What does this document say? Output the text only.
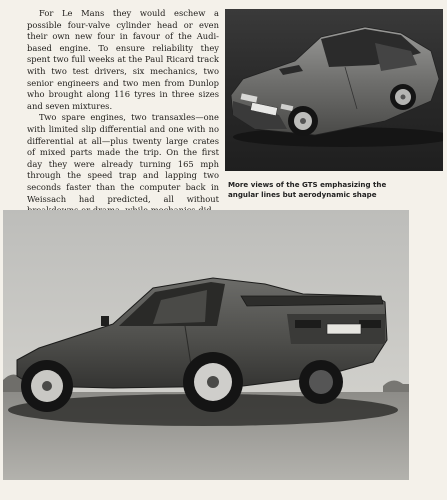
For Le Mans they would eschew a possible four-valve cylinder head or even their own new four in favour of the Audi-based engine. To ensure reliability they spent two full weeks at the Paul Ricard track with two test drivers, six mechanics, two senior engineers and two men from Dunlop who brought along 116 tyres in three sizes and seven mixtures.

Two spare engines, two transaxles—one with limited slip differential and one with no differential at all—plus twenty large crates of mixed parts made the trip. On the first day they were already turning 165 mph through the speed trap and lapping two seconds faster than the computer back in Weissach had predicted, all without

More views of the GTS emphasizing the angular lines but aerodynamic shape
